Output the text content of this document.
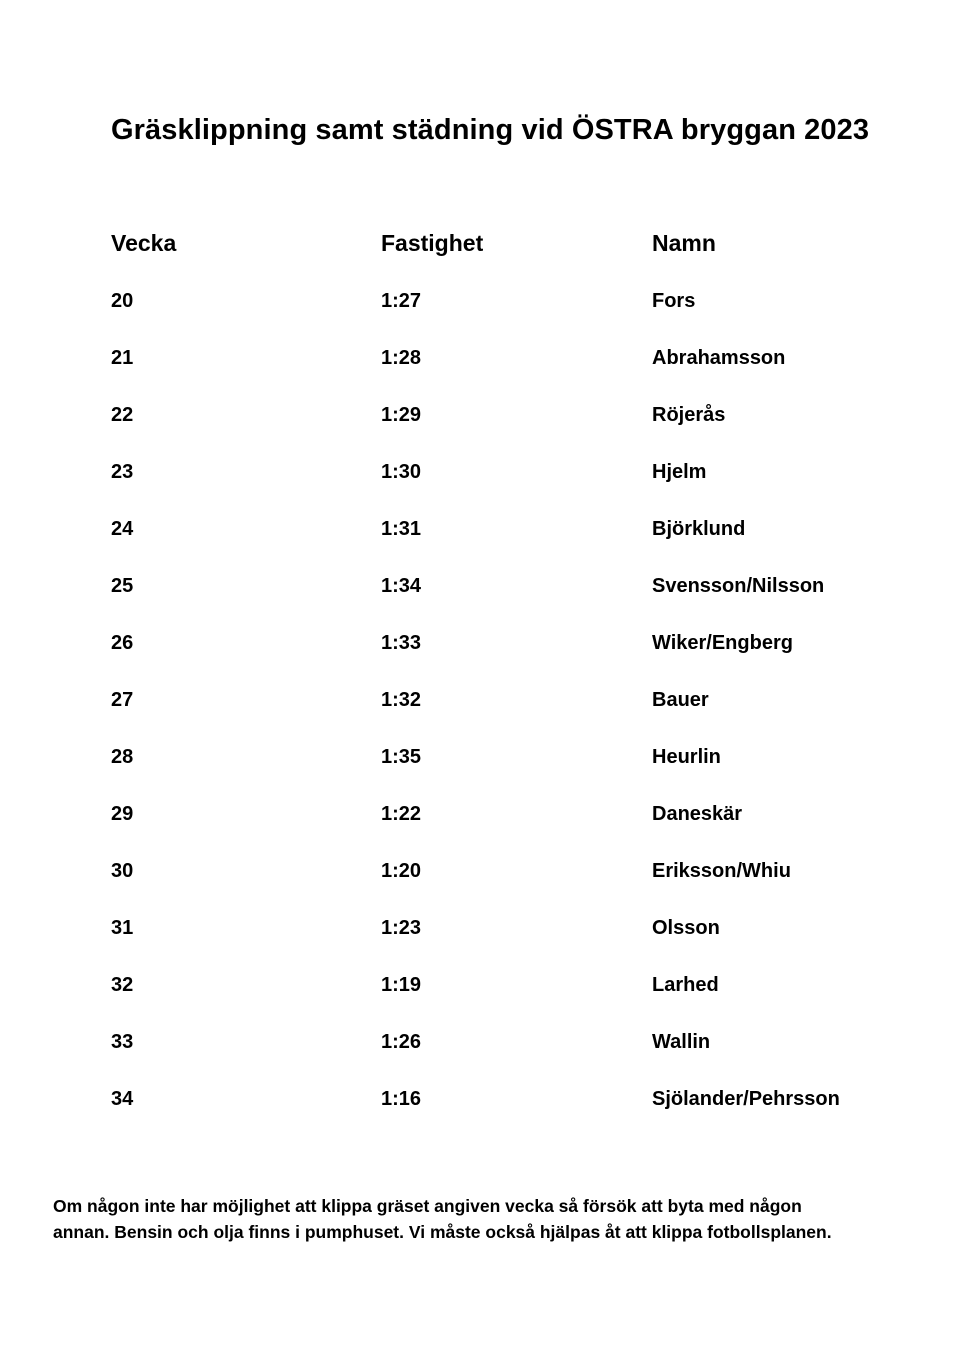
Gräsklippning samt städning vid ÖSTRA bryggan 2023
Vecka	Fastighet	Namn
20	1:27	Fors
21	1:28	Abrahamsson
22	1:29	Röjerås
23	1:30	Hjelm
24	1:31	Björklund
25	1:34	Svensson/Nilsson
26	1:33	Wiker/Engberg
27	1:32	Bauer
28	1:35	Heurlin
29	1:22	Daneskär
30	1:20	Eriksson/Whiu
31	1:23	Olsson
32	1:19	Larhed
33	1:26	Wallin
34	1:16	Sjölander/Pehrsson

Om någon inte har möjlighet att klippa gräset angiven vecka så försök att byta med någon
annan. Bensin och olja finns i pumphuset. Vi måste också hjälpas åt att klippa fotbollsplanen.
